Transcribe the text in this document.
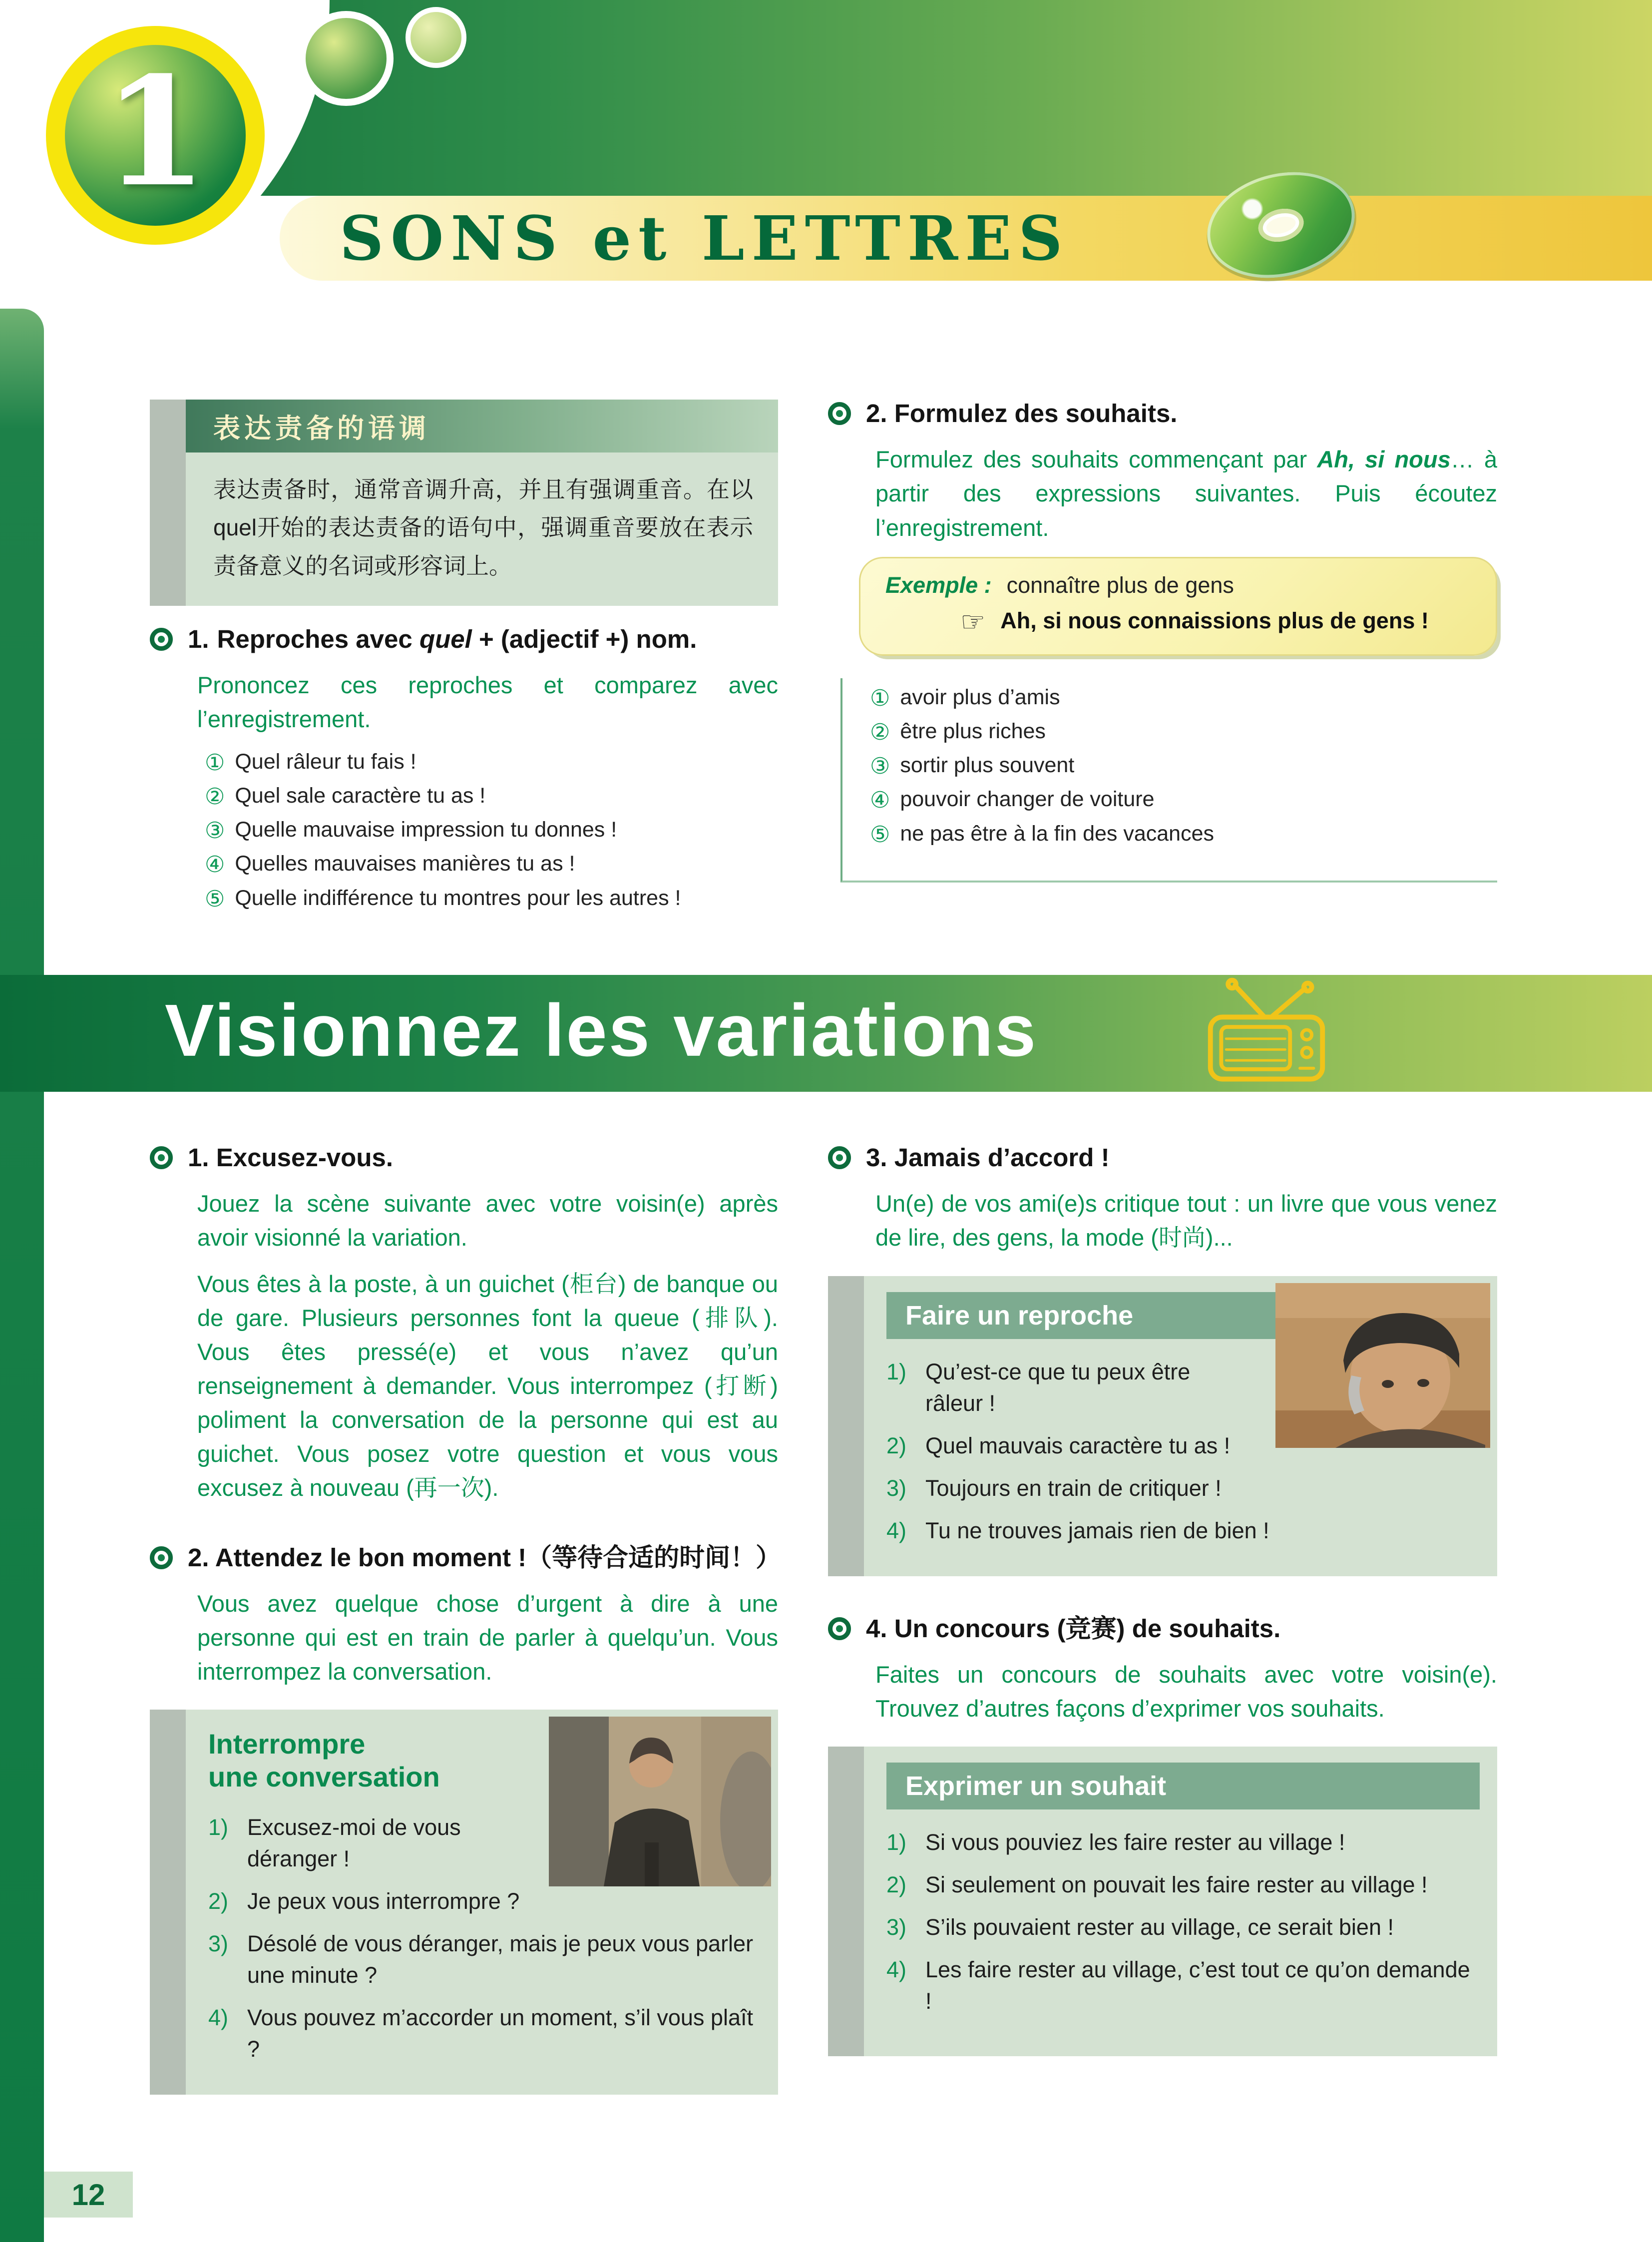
SONS et LETTRES
1
12
表达责备的语调

表达责备时，通常音调升高，并且有强调重音。在以quel开始的表达责备的语句中，强调重音要放在表示责备意义的名词或形容词上。

1. Reproches avec quel + (adjectif +) nom.

Prononcez ces reproches et comparez avec l’enregistrement.

① Quel râleur tu fais !
② Quel sale caractère tu as !
③ Quelle mauvaise impression tu donnes !
④ Quelles mauvaises manières tu as !
⑤ Quelle indifférence tu montres pour les autres !
2. Formulez des souhaits.

Formulez des souhaits commençant par Ah, si nous… à partir des expressions suivantes. Puis écoutez l’enregistrement.

Exemple : connaître plus de gens
☞ Ah, si nous connaissions plus de gens !
① avoir plus d’amis
② être plus riches
③ sortir plus souvent
④ pouvoir changer de voiture
⑤ ne pas être à la fin des vacances
Visionnez les variations
1. Excusez-vous.

Jouez la scène suivante avec votre voisin(e) après avoir visionné la variation.

Vous êtes à la poste, à un guichet (柜台) de banque ou de gare. Plusieurs personnes font la queue (排队). Vous êtes pressé(e) et vous n’avez qu’un renseignement à demander. Vous interrompez (打断) poliment la conversation de la personne qui est au guichet. Vous posez votre question et vous vous excusez à nouveau (再一次).

2. Attendez le bon moment !（等待合适的时间！）

Vous avez quelque chose d’urgent à dire à une personne qui est en train de parler à quelqu’un. Vous interrompez la conversation.

Interrompre
une conversation

1) Excusez-moi de vous déranger !

2) Je peux vous interrompre ?

3) Désolé de vous déranger, mais je peux vous parler une minute ?

4) Vous pouvez m’accorder un moment, s’il vous plaît ?

3. Jamais d’accord !

Un(e) de vos ami(e)s critique tout : un livre que vous venez de lire, des gens, la mode (时尚)...

Faire un reproche

1) Qu’est-ce que tu peux être râleur !

2) Quel mauvais caractère tu as !

3) Toujours en train de critiquer !

4) Tu ne trouves jamais rien de bien !

4. Un concours (竞赛) de souhaits.

Faites un concours de souhaits avec votre voisin(e). Trouvez d’autres façons d’exprimer vos souhaits.

Exprimer un souhait

1) Si vous pouviez les faire rester au village !

2) Si seulement on pouvait les faire rester au village !

3) S’ils pouvaient rester au village, ce serait bien !

4) Les faire rester au village, c’est tout ce qu’on demande !
